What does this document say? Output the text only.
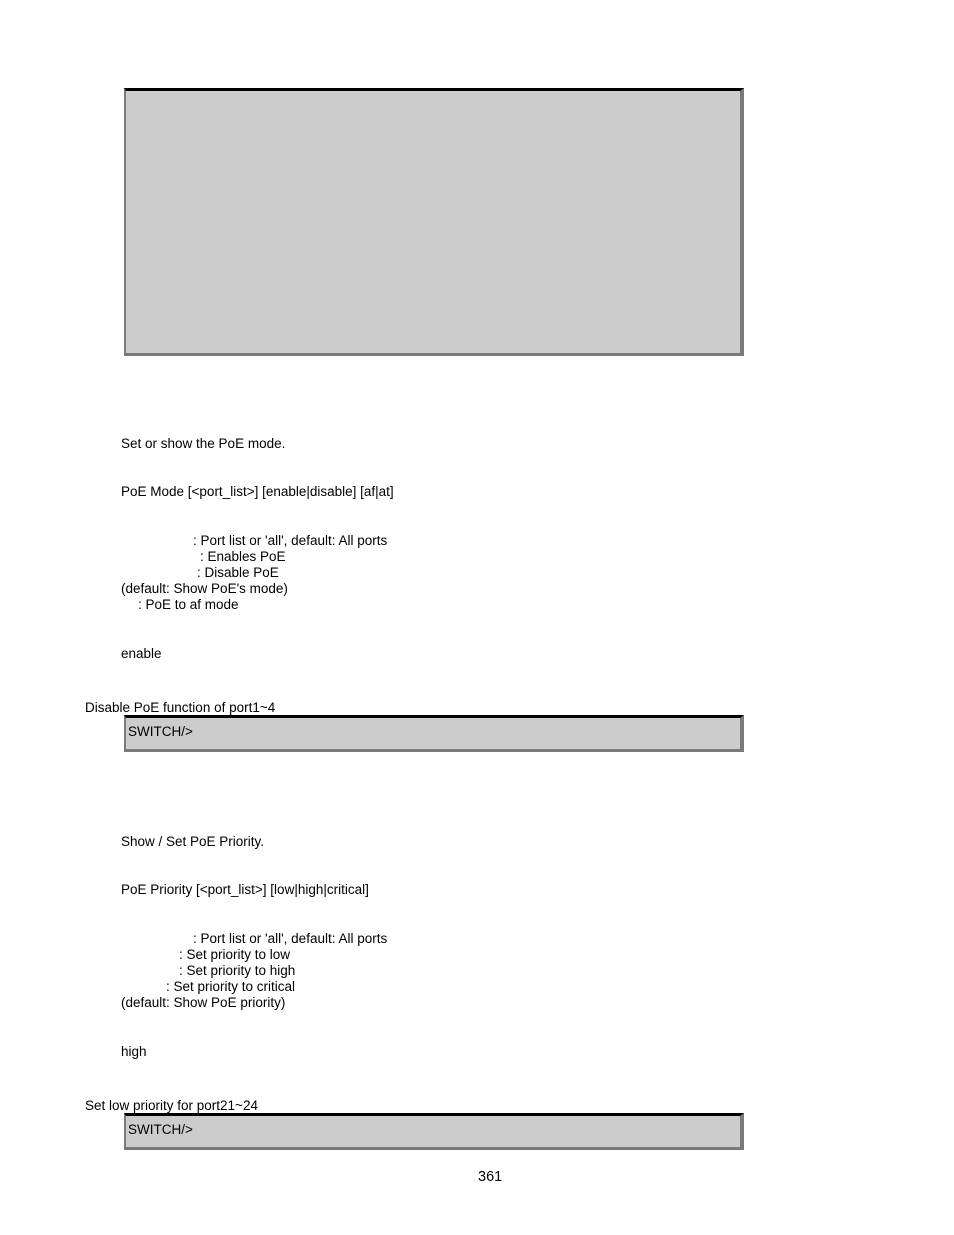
Set or show the PoE mode.
PoE Mode [<port_list>] [enable|disable] [af|at]
: Port list or 'all', default: All ports
: Enables PoE
: Disable PoE
(default: Show PoE's mode)
: PoE to af mode
enable
Disable PoE function of port1~4
SWITCH/>
Show / Set PoE Priority.
PoE Priority [<port_list>] [low|high|critical]
: Port list or 'all', default: All ports
: Set priority to low
: Set priority to high
: Set priority to critical
(default: Show PoE priority)
high
Set low priority for port21~24
SWITCH/>
361
